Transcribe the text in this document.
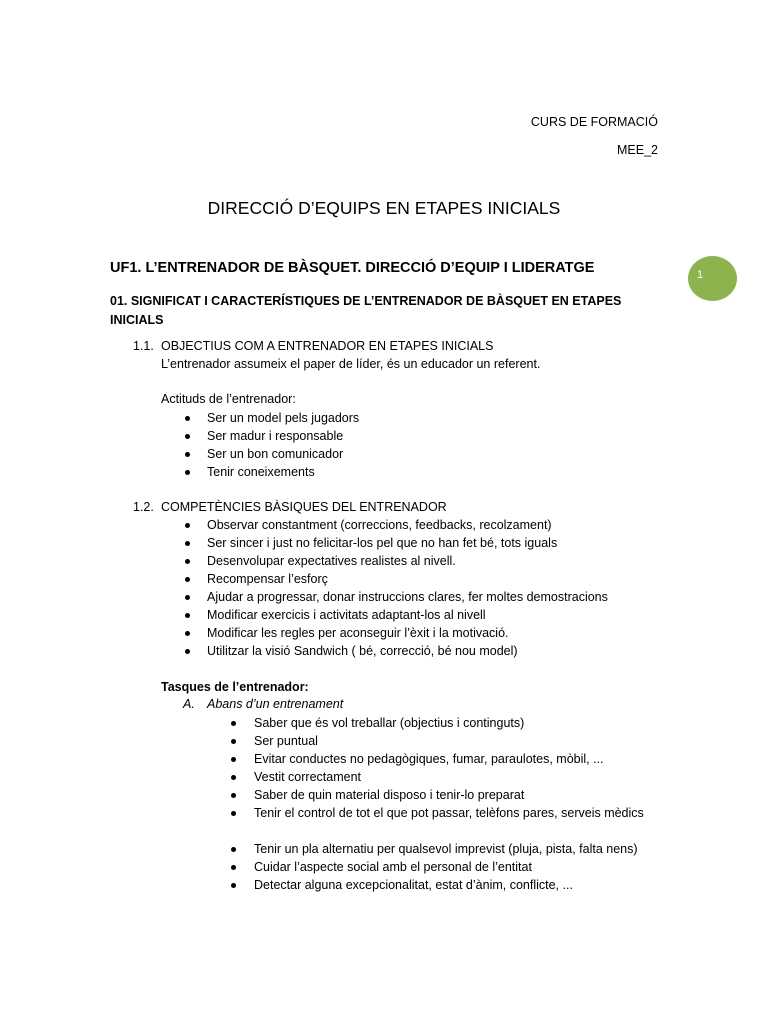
CURS DE FORMACIÓ
MEE_2
DIRECCIÓ D’EQUIPS EN ETAPES INICIALS
UF1. L’ENTRENADOR DE BÀSQUET. DIRECCIÓ D’EQUIP I LIDERATGE	1
01. SIGNIFICAT I CARACTERÍSTIQUES DE L’ENTRENADOR DE BÀSQUET EN ETAPES INICIALS
1.1. OBJECTIUS COM A ENTRENADOR EN ETAPES INICIALS
L’entrenador assumeix el paper de líder, és un educador un referent.
Actituds de l’entrenador:
Ser un model pels jugadors
Ser madur i responsable
Ser un bon comunicador
Tenir coneixements
1.2. COMPETÈNCIES BÀSIQUES DEL ENTRENADOR
Observar constantment (correccions, feedbacks, recolzament)
Ser sincer i just no felicitar-los pel que no han fet bé, tots iguals
Desenvolupar expectatives realistes al nivell.
Recompensar l’esforç
Ajudar a progressar, donar instruccions clares, fer moltes demostracions
Modificar exercicis i activitats adaptant-los al nivell
Modificar les regles per aconseguir l’èxit i la motivació.
Utilitzar la visió Sandwich ( bé, correcció, bé nou model)
Tasques de l’entrenador:
A. Abans d’un entrenament
Saber que és vol treballar (objectius i continguts)
Ser puntual
Evitar conductes no pedagògiques, fumar, paraulotes, mòbil, ...
Vestit correctament
Saber de quin material disposo i tenir-lo preparat
Tenir el control de tot el que pot passar, telèfons pares, serveis mèdics
Tenir un pla alternatiu per qualsevol imprevist (pluja, pista, falta nens)
Cuidar l’aspecte social amb el personal de l’entitat
Detectar alguna excepcionalitat, estat d’ànim, conflicte, ...
